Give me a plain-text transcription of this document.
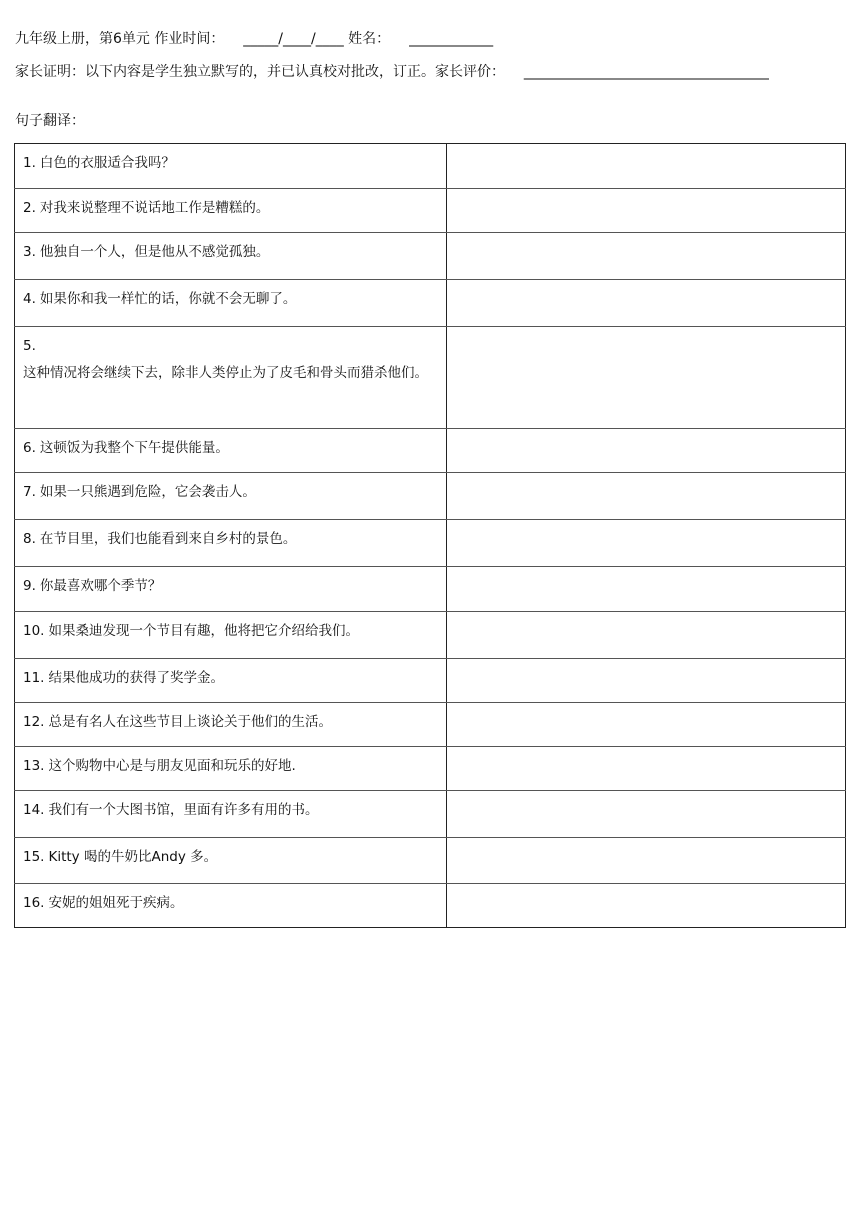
九年级上册，第6单元 作业时间： _____/____/____ 姓名： ____________
家长证明：以下内容是学生独立默写的，并已认真校对批改，订正。家长评价： ___________________________________
句子翻译：
1. 白色的衣服适合我吗？	
2. 对我来说整理不说话地工作是糟糕的。	
3. 他独自一个人，但是他从不感觉孤独。	
4. 如果你和我一样忙的话，你就不会无聊了。	

5.
这种情况将会继续下去，除非人类停止为了皮毛和骨头而猎杀他们。	
6. 这顿饭为我整个下午提供能量。	
7. 如果一只熊遇到危险，它会袭击人。	
8. 在节目里，我们也能看到来自乡村的景色。	
9. 你最喜欢哪个季节？	
10. 如果桑迪发现一个节目有趣，他将把它介绍给我们。	
11. 结果他成功的获得了奖学金。	
12. 总是有名人在这些节目上谈论关于他们的生活。	
13. 这个购物中心是与朋友见面和玩乐的好地.	
14. 我们有一个大图书馆，里面有许多有用的书。	
15. Kitty 喝的牛奶比Andy 多。	
16. 安妮的姐姐死于疾病。	
